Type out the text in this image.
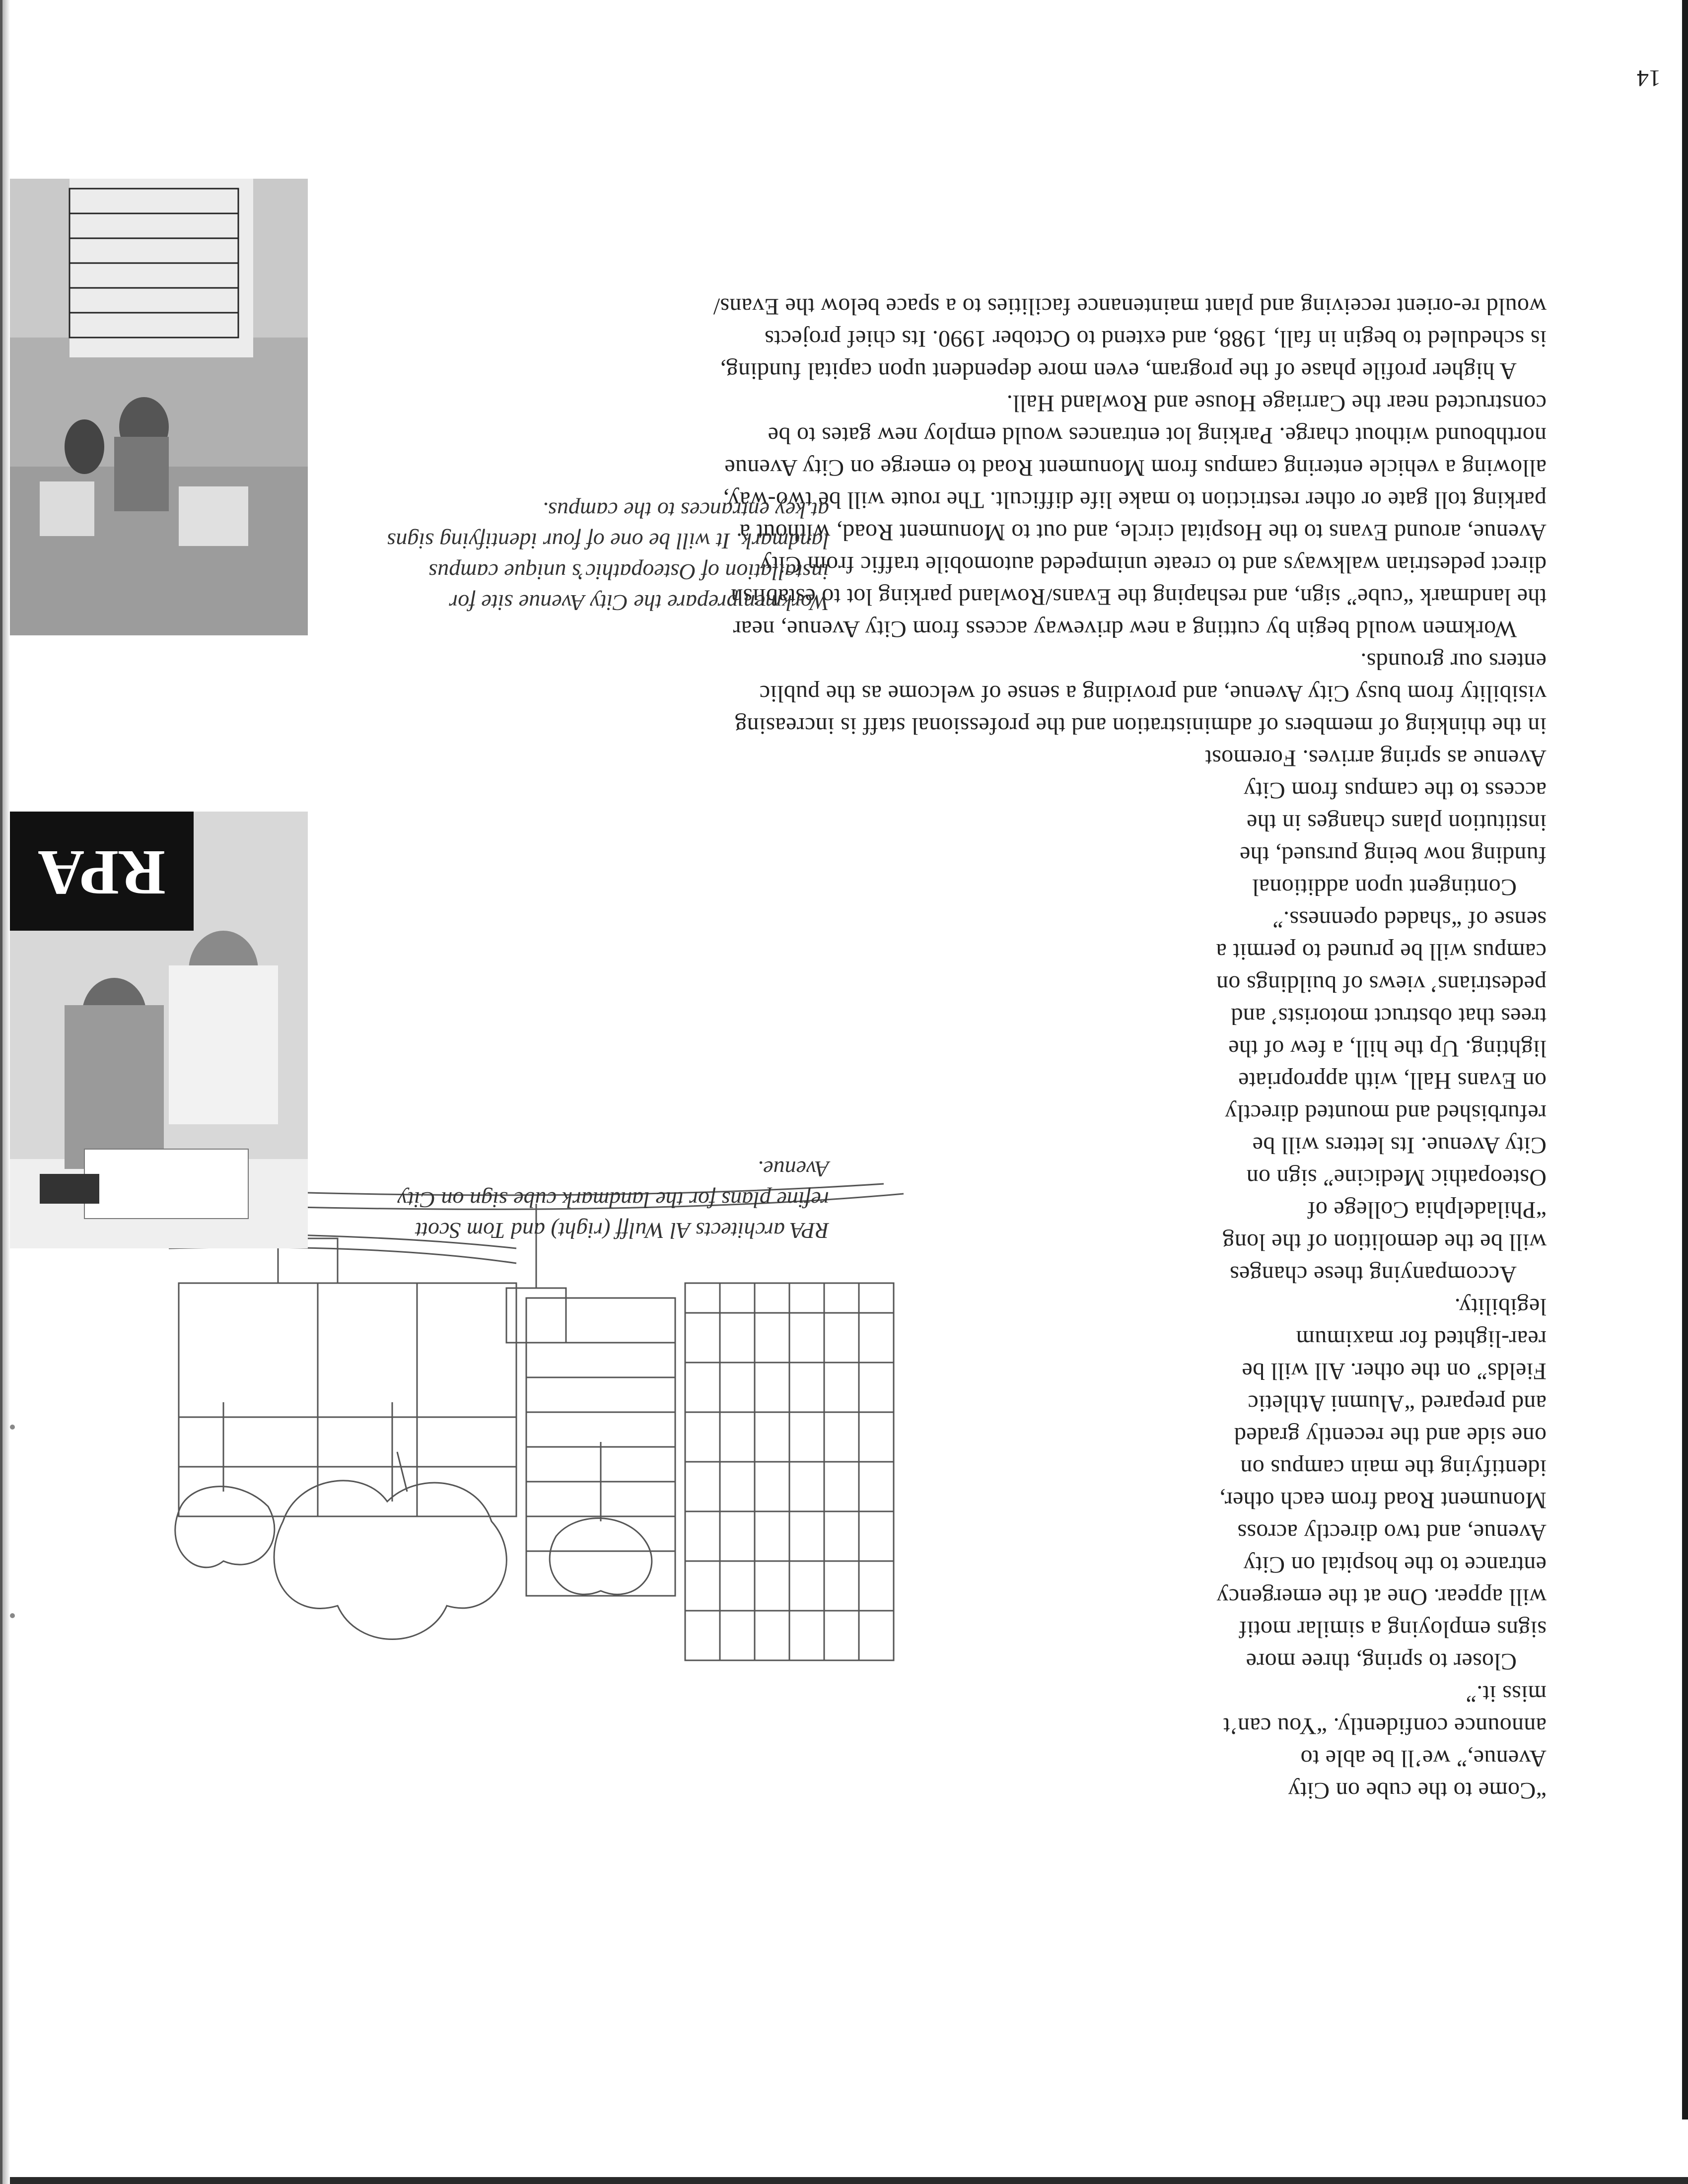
14

“Come to the cube on City Avenue,” we’ll be able to announce confidently. “You can’t miss it.”

Closer to spring, three more signs employing a similar motif will appear. One at the emergency entrance to the hospital on City Avenue, and two directly across Monument Road from each other, identifying the main campus on one side and the recently graded and prepared “Alumni Athletic Fields” on the other. All will be rear-lighted for maximum legibility.

Accompanying these changes will be the demolition of the long “Philadelphia College of Osteopathic Medicine” sign on City Avenue. Its letters will be refurbished and mounted directly on Evans Hall, with appropriate lighting. Up the hill, a few of the trees that obstruct motorists’ and pedestrians’ views of buildings on campus will be pruned to permit a sense of “shaded openness.”

Contingent upon additional funding now being pursued, the institution plans changes in the access to the campus from City Avenue as spring arrives. Foremost in the thinking of members of administration and the professional staff is increasing visibility from busy City Avenue, and providing a sense of welcome as the public enters our grounds.

Workmen would begin by cutting a new driveway access from City Avenue, near the landmark “cube” sign, and reshaping the Evans/Rowland parking lot to establish direct pedestrian walkways and to create unimpeded automobile traffic from City Avenue, around Evans to the Hospital circle, and out to Monument Road, without a parking toll gate or other restriction to make life difficult. The route will be two-way, allowing a vehicle entering campus from Monument Road to emerge on City Avenue northbound without charge. Parking lot entrances would employ new gates to be constructed near the Carriage House and Rowland Hall.

A higher profile phase of the program, even more dependent upon capital funding, is scheduled to begin in fall, 1988, and extend to October 1990. Its chief projects would re-orient receiving and plant maintenance facilities to a space below the Evans/

RPA
RPA architects Al Wulff (right) and Tom Scott refine plans for the landmark cube sign on City Avenue.
Workmen prepare the City Avenue site for installation of Osteopathic’s unique campus landmark. It will be one of four identifying signs at key entrances to the campus.
